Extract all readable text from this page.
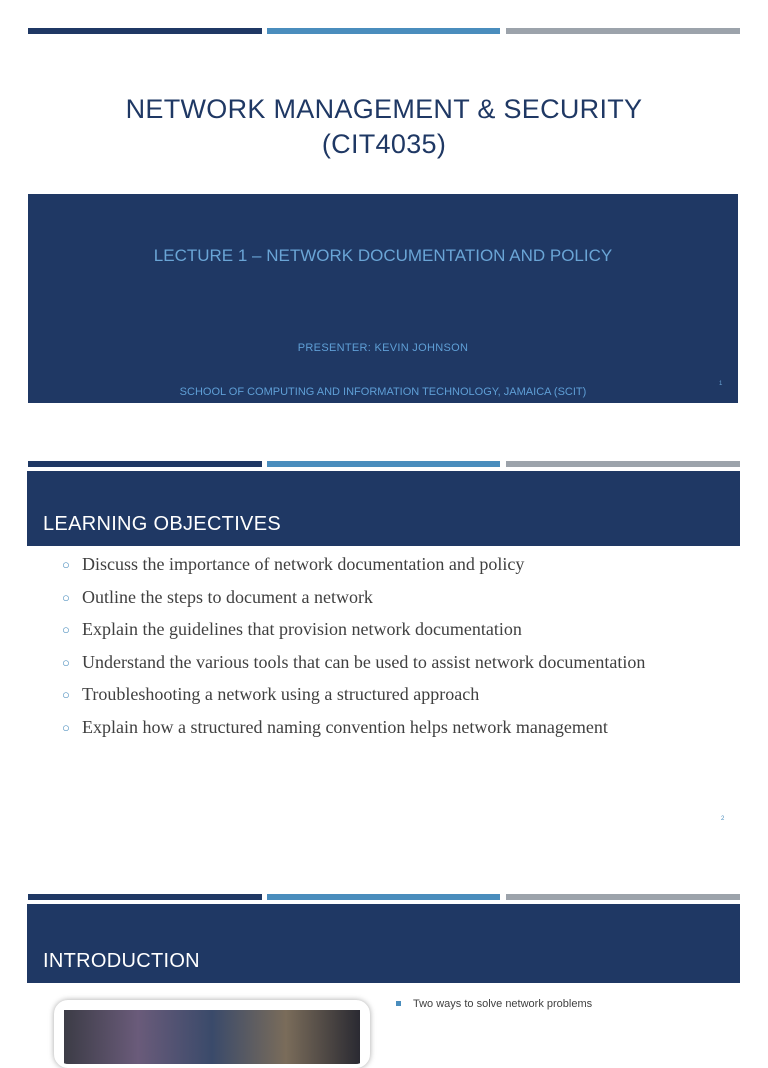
NETWORK MANAGEMENT & SECURITY
(CIT4035)
LECTURE 1 – NETWORK DOCUMENTATION AND POLICY
PRESENTER: KEVIN JOHNSON
SCHOOL OF COMPUTING AND INFORMATION TECHNOLOGY, JAMAICA (SCIT)
1
LEARNING OBJECTIVES
○ Discuss the importance of network documentation and policy
○ Outline the steps to document a network
○ Explain the guidelines that provision network documentation
○ Understand the various tools that can be used to assist network documentation
○ Troubleshooting a network using a structured approach
○ Explain how a structured naming convention helps network management
2
INTRODUCTION
Two ways to solve network problems
